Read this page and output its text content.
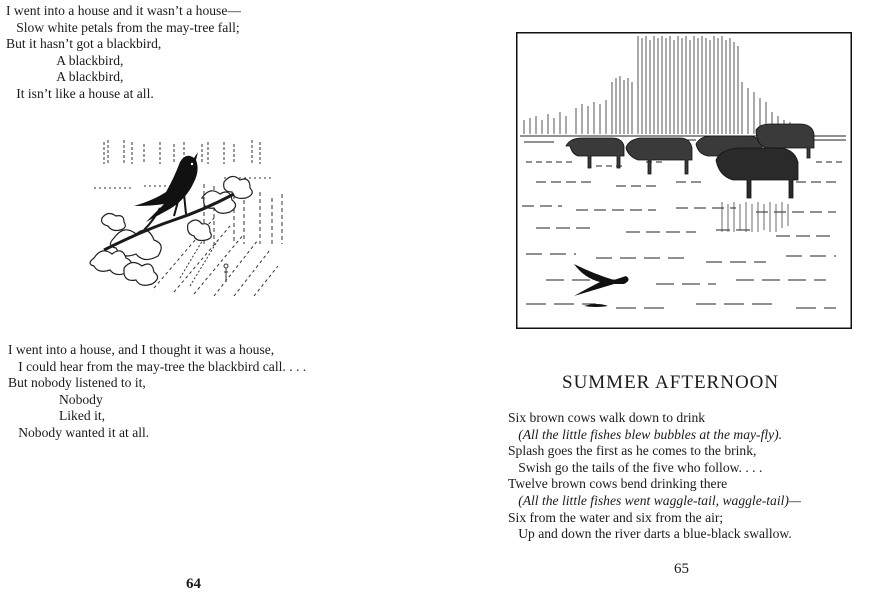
I went into a house and it wasn’t a house—
Slow white petals from the may-tree fall;
But it hasn’t got a blackbird,
A blackbird,
A blackbird,
It isn’t like a house at all.

I went into a house, and I thought it was a house,
I could hear from the may-tree the blackbird call. . . .
But nobody listened to it,
Nobody
Liked it,
Nobody wanted it at all.

64
SUMMER AFTERNOON

Six brown cows walk down to drink
(All the little fishes blew bubbles at the may-fly).
Splash goes the first as he comes to the brink,
Swish go the tails of the five who follow. . . .
Twelve brown cows bend drinking there
(All the little fishes went waggle-tail, waggle-tail)—
Six from the water and six from the air;
Up and down the river darts a blue-black swallow.

65
